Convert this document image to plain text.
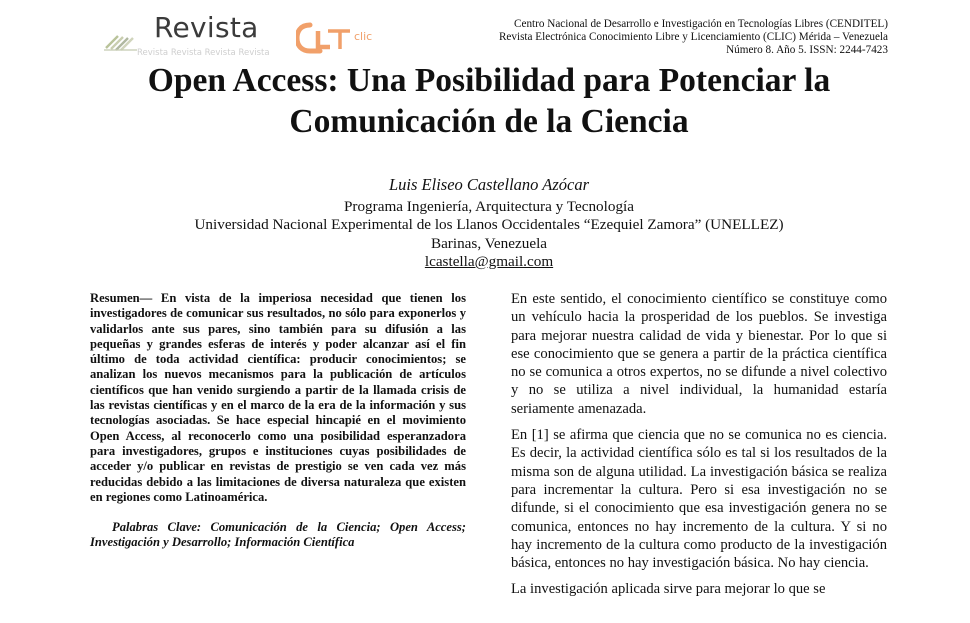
Revista
Revista Revista Revista Revista
clic
Centro Nacional de Desarrollo e Investigación en Tecnologías Libres (CENDITEL)
Revista Electrónica Conocimiento Libre y Licenciamiento (CLIC) Mérida – Venezuela
Número 8. Año 5. ISSN: 2244-7423
Open Access: Una Posibilidad para Potenciar la
Comunicación de la Ciencia
Luis Eliseo Castellano Azócar
Programa Ingeniería, Arquitectura y Tecnología
Universidad Nacional Experimental de los Llanos Occidentales “Ezequiel Zamora” (UNELLEZ)
Barinas, Venezuela
lcastella@gmail.com

Resumen— En vista de la imperiosa necesidad que tienen los investigadores de comunicar sus resultados, no sólo para exponerlos y validarlos ante sus pares, sino también para su difusión a las pequeñas y grandes esferas de interés y poder alcanzar así el fin último de toda actividad científica: producir conocimientos; se analizan los nuevos mecanismos para la publicación de artículos científicos que han venido surgiendo a partir de la llamada crisis de las revistas científicas y en el marco de la era de la información y sus tecnologías asociadas. Se hace especial hincapié en el movimiento Open Access, al reconocerlo como una posibilidad esperanzadora para investigadores, grupos e instituciones cuyas posibilidades de acceder y/o publicar en revistas de prestigio se ven cada vez más reducidas debido a las limitaciones de diversa naturaleza que existen en regiones como Latinoamérica.

Palabras Clave: Comunicación de la Ciencia; Open Access; Investigación y Desarrollo; Información Científica

En este sentido, el conocimiento científico se constituye como un vehículo hacia la prosperidad de los pueblos. Se investiga para mejorar nuestra calidad de vida y bienestar. Por lo que si ese conocimiento que se genera a partir de la práctica científica no se comunica a otros expertos, no se difunde a nivel colectivo y no se utiliza a nivel individual, la humanidad estaría seriamente amenazada.

En [1] se afirma que ciencia que no se comunica no es ciencia. Es decir, la actividad científica sólo es tal si los resultados de la misma son de alguna utilidad. La investigación básica se realiza para incrementar la cultura. Pero si esa investigación no se difunde, si el conocimiento que esa investigación genera no se comunica, entonces no hay incremento de la cultura. Y si no hay incremento de la cultura como producto de la investigación básica, entonces no hay investigación básica. No hay ciencia.

La investigación aplicada sirve para mejorar lo que se
